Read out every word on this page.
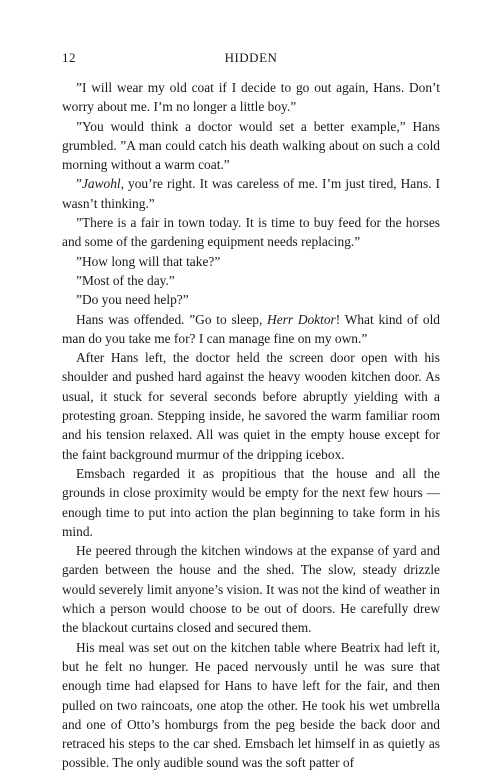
12	HIDDEN

”I will wear my old coat if I decide to go out again, Hans. Don’t worry about me. I’m no longer a little boy.”

”You would think a doctor would set a better example,” Hans grumbled. ”A man could catch his death walking about on such a cold morning without a warm coat.”

”Jawohl, you’re right. It was careless of me. I’m just tired, Hans. I wasn’t thinking.”

”There is a fair in town today. It is time to buy feed for the horses and some of the gardening equipment needs replacing.”

”How long will that take?”

”Most of the day.”

”Do you need help?”

Hans was offended. ”Go to sleep, Herr Doktor! What kind of old man do you take me for? I can manage fine on my own.”

After Hans left, the doctor held the screen door open with his shoulder and pushed hard against the heavy wooden kitchen door. As usual, it stuck for several seconds before abruptly yielding with a protesting groan. Stepping inside, he savored the warm familiar room and his tension relaxed. All was quiet in the empty house except for the faint background murmur of the dripping icebox.

Emsbach regarded it as propitious that the house and all the grounds in close proximity would be empty for the next few hours — enough time to put into action the plan beginning to take form in his mind.

He peered through the kitchen windows at the expanse of yard and garden between the house and the shed. The slow, steady drizzle would severely limit anyone’s vision. It was not the kind of weather in which a person would choose to be out of doors. He carefully drew the blackout curtains closed and secured them.

His meal was set out on the kitchen table where Beatrix had left it, but he felt no hunger. He paced nervously until he was sure that enough time had elapsed for Hans to have left for the fair, and then pulled on two raincoats, one atop the other. He took his wet umbrella and one of Otto’s homburgs from the peg beside the back door and retraced his steps to the car shed. Emsbach let himself in as quietly as possible. The only audible sound was the soft patter of
